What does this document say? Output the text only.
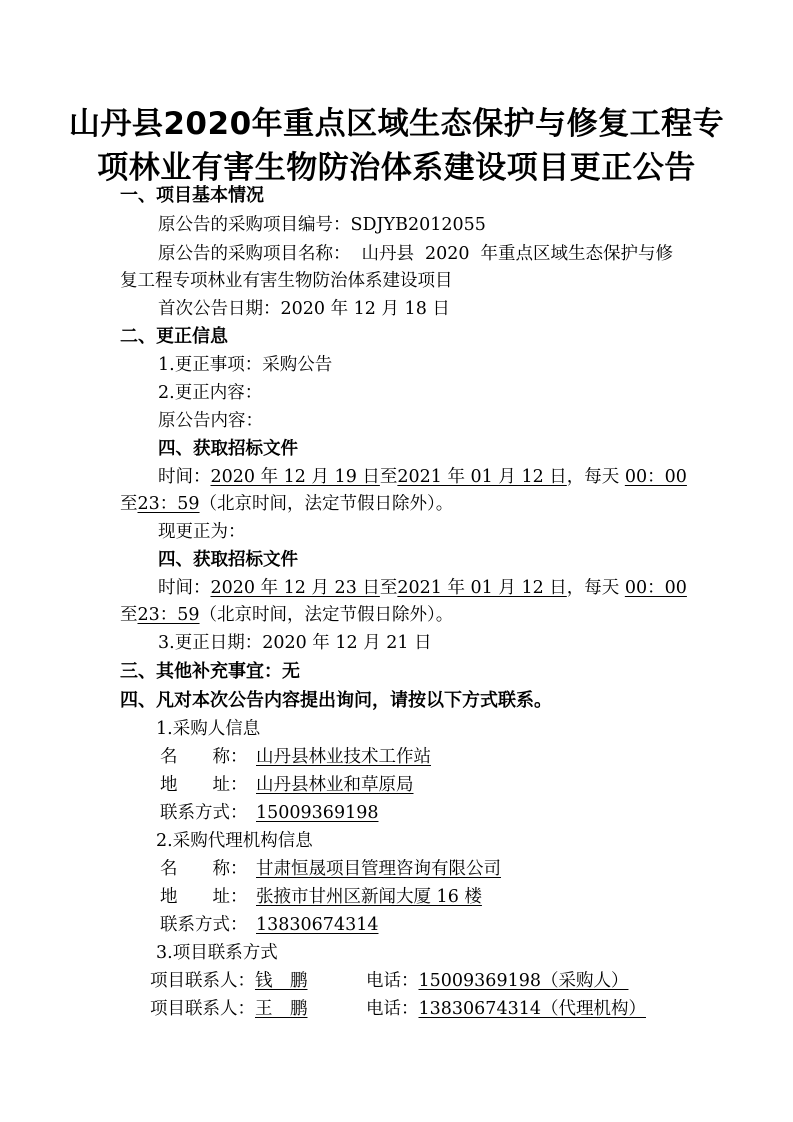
山丹县2020年重点区域生态保护与修复工程专
项林业有害生物防治体系建设项目更正公告
一、项目基本情况
原公告的采购项目编号：SDJYB2012055
原公告的采购项目名称： 山丹县 2020 年重点区域生态保护与修
复工程专项林业有害生物防治体系建设项目
首次公告日期：2020 年 12 月 18 日
二、更正信息
1.更正事项：采购公告
2.更正内容：
原公告内容：
四、获取招标文件
时间：2020 年 12 月 19 日至2021 年 01 月 12 日，每天 00：00
至23：59（北京时间，法定节假日除外）。
现更正为：
四、获取招标文件
时间：2020 年 12 月 23 日至2021 年 01 月 12 日，每天 00：00
至23：59（北京时间，法定节假日除外）。
3.更正日期：2020 年 12 月 21 日
三、其他补充事宜：无
四、凡对本次公告内容提出询问，请按以下方式联系。
1.采购人信息
名　　称： 山丹县林业技术工作站
地　　址： 山丹县林业和草原局
联系方式： 15009369198
2.采购代理机构信息
名　　称： 甘肃恒晟项目管理咨询有限公司
地　　址： 张掖市甘州区新闻大厦 16 楼
联系方式： 13830674314
3.项目联系方式
项目联系人：钱　鹏	电话：15009369198（采购人）
项目联系人：王　鹏	电话：13830674314（代理机构）
